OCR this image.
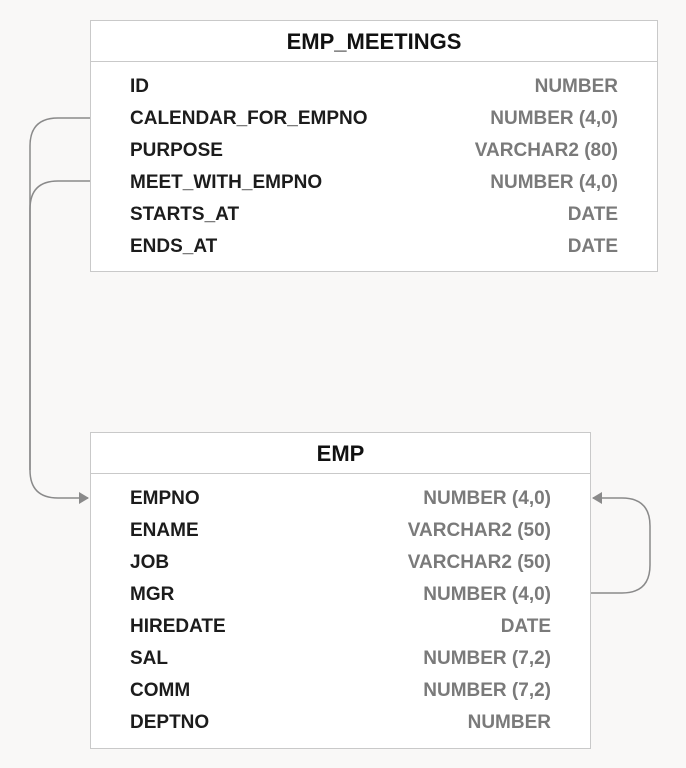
EMP_MEETINGS
ID	NUMBER
CALENDAR_FOR_EMPNO	NUMBER (4,0)
PURPOSE	VARCHAR2 (80)
MEET_WITH_EMPNO	NUMBER (4,0)
STARTS_AT	DATE
ENDS_AT	DATE
EMP
EMPNO	NUMBER (4,0)
ENAME	VARCHAR2 (50)
JOB	VARCHAR2 (50)
MGR	NUMBER (4,0)
HIREDATE	DATE
SAL	NUMBER (7,2)
COMM	NUMBER (7,2)
DEPTNO	NUMBER
